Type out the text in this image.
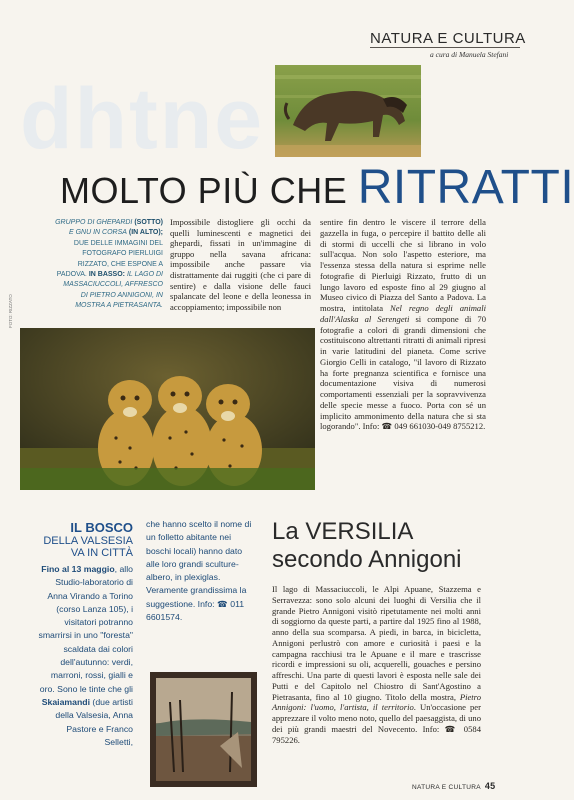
dhtne
NATURA E CULTURA
a cura di Manuela Stefani
MOLTO PIÙ CHE RITRATTI
GRUPPO DI GHEPARDI (SOTTO) E GNU IN CORSA (IN ALTO); DUE DELLE IMMAGINI DEL FOTOGRAFO PIERLUIGI RIZZATO, CHE ESPONE A PADOVA. IN BASSO: IL LAGO DI MASSACIUCCOLI, AFFRESCO DI PIETRO ANNIGONI, IN MOSTRA A PIETRASANTA.
Impossibile distogliere gli occhi da quelli luminescenti e magnetici dei ghepardi, fissati in un'immagine di gruppo nella savana africana: impossibile anche passare via distrattamente dai ruggiti (che ci pare di sentire) e dalla visione delle fauci spalancate del leone e della leonessa in accoppiamento; impossibile non
sentire fin dentro le viscere il terrore della gazzella in fuga, o percepire il battito delle ali di stormi di uccelli che si librano in volo sull'acqua. Non solo l'aspetto esteriore, ma l'essenza stessa della natura si esprime nelle fotografie di Pierluigi Rizzato, frutto di un lungo lavoro ed esposte fino al 29 giugno al Museo civico di Piazza del Santo a Padova. La mostra, intitolata Nel regno degli animali dall'Alaska al Serengeti si compone di 70 fotografie a colori di grandi dimensioni che costituiscono altrettanti ritratti di animali ripresi in varie latitudini del pianeta. Come scrive Giorgio Celli in catalogo, "il lavoro di Rizzato ha forte pregnanza scientifica e fornisce una documentazione visiva di numerosi comportamenti essenziali per la sopravvivenza delle specie messe a fuoco. Porta con sé un implicito ammonimento della natura che si sta logorando". Info: ☎ 049 661030-049 8755212.
FOTO: RIZZATO
IL BOSCO
DELLA VALSESIA VA IN CITTÀ
Fino al 13 maggio, allo Studio-laboratorio di Anna Virando a Torino (corso Lanza 105), i visitatori potranno smarrirsi in uno "foresta" scaldata dai colori dell'autunno: verdi, marroni, rossi, gialli e oro. Sono le tinte che gli Skaiamandi (due artisti della Valsesia, Anna Pastore e Franco Selletti,
che hanno scelto il nome di un folletto abitante nei boschi locali) hanno dato alle loro grandi sculture-albero, in plexiglas. Veramente grandissima la suggestione. Info: ☎ 011 6601574.
La VERSILIA
secondo Annigoni
Il lago di Massaciuccoli, le Alpi Apuane, Stazzema e Serravezza: sono solo alcuni dei luoghi di Versilia che il grande Pietro Annigoni visitò ripetutamente nei molti anni di soggiorno da queste parti, a partire dal 1925 fino al 1988, anno della sua scomparsa. A piedi, in barca, in bicicletta, Annigoni perlustrò con amore e curiosità i paesi e la campagna racchiusi tra le Apuane e il mare e trascrisse ricordi e impressioni su oli, acquerelli, gouaches e persino affreschi. Una parte di questi lavori è esposta nelle sale dei Putti e del Capitolo nel Chiostro di Sant'Agostino a Pietrasanta, fino al 10 giugno. Titolo della mostra, Pietro Annigoni: l'uomo, l'artista, il territorio. Un'occasione per apprezzare il volto meno noto, quello del paesaggista, di uno dei più grandi maestri del Novecento. Info: ☎ 0584 795226.
NATURA E CULTURA 45
